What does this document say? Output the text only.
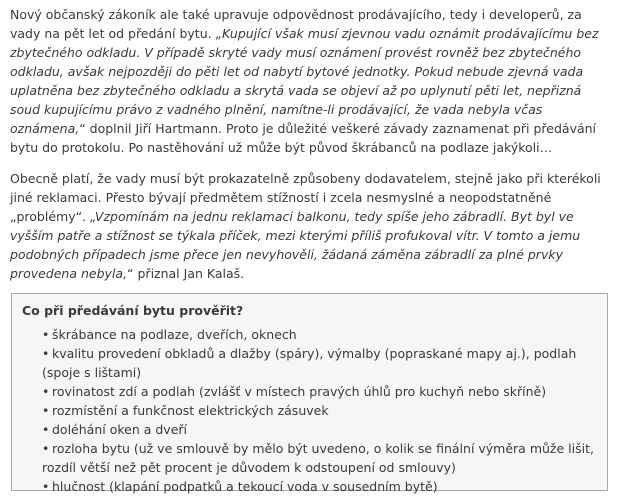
Nový občanský zákoník ale také upravuje odpovědnost prodávajícího, tedy i developerů, za vady na pět let od předání bytu. „Kupující však musí zjevnou vadu oznámit prodávajícímu bez zbytečného odkladu. V případě skryté vady musí oznámení provést rovněž bez zbytečného odkladu, avšak nejpozději do pěti let od nabytí bytové jednotky. Pokud nebude zjevná vada uplatněna bez zbytečného odkladu a skrytá vada se objeví až po uplynutí pěti let, nepřizná soud kupujícímu právo z vadného plnění, namítne-li prodávající, že vada nebyla včas oznámena,“ doplnil Jiří Hartmann. Proto je důležité veškeré závady zaznamenat při předávání bytu do protokolu. Po nastěhování už může být původ škrábanců na podlaze jakýkoli…

Obecně platí, že vady musí být prokazatelně způsobeny dodavatelem, stejně jako při kterékoli jiné reklamaci. Přesto bývají předmětem stížností i zcela nesmyslné a neopodstatněné „problémy“. „Vzpomínám na jednu reklamaci balkonu, tedy spíše jeho zábradlí. Byt byl ve vyšším patře a stížnost se týkala příček, mezi kterými příliš profukoval vítr. V tomto a jemu podobných případech jsme přece jen nevyhověli, žádaná záměna zábradlí za plné prvky provedena nebyla,“ přiznal Jan Kalaš.

Co při předávání bytu prověřit?
• škrábance na podlaze, dveřích, oknech
• kvalitu provedení obkladů a dlažby (spáry), výmalby (popraskané mapy aj.), podlah (spoje s lištami)
• rovinatost zdí a podlah (zvlášť v místech pravých úhlů pro kuchyň nebo skříně)
• rozmístění a funkčnost elektrických zásuvek
• doléhání oken a dveří
• rozloha bytu (už ve smlouvě by mělo být uvedeno, o kolik se finální výměra může lišit, rozdíl větší než pět procent je důvodem k odstoupení od smlouvy)
• hlučnost (klapání podpatků a tekoucí voda v sousedním bytě)
